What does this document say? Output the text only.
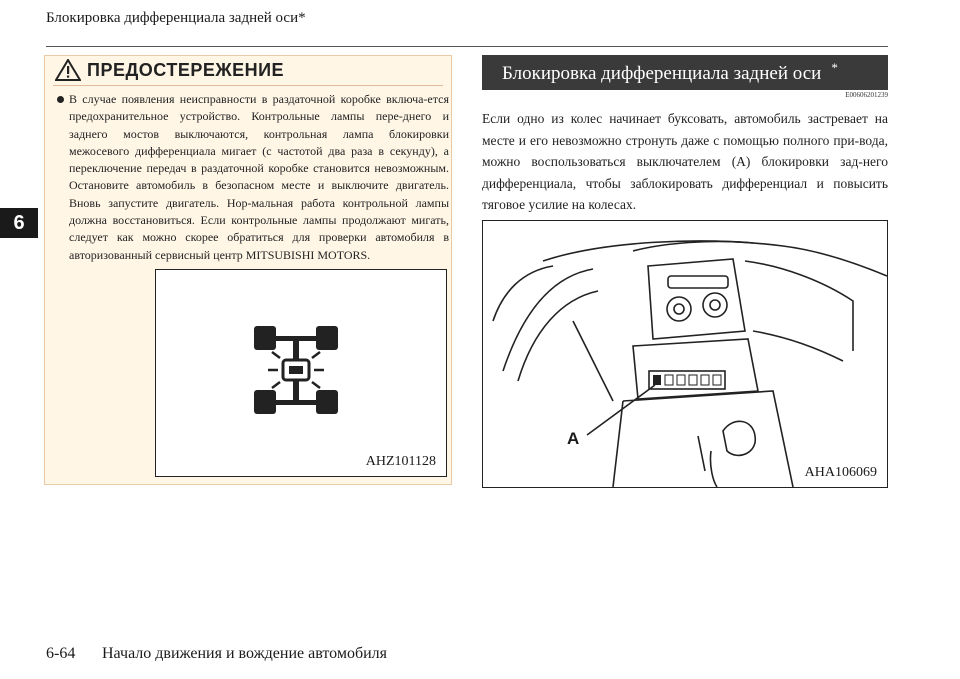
Блокировка дифференциала задней оси*
6
ПРЕДОСТЕРЕЖЕНИЕ
В случае появления неисправности в раздаточной коробке включа-ется предохранительное устройство. Контрольные лампы пере-днего и заднего мостов выключаются, контрольная лампа блокировки межосевого дифференциала мигает (с частотой два раза в секунду), а переключение передач в раздаточной коробке становится невозможным. Остановите автомобиль в безопасном месте и выключите двигатель. Вновь запустите двигатель. Нор-мальная работа контрольной лампы должна восстановиться. Если контрольные лампы продолжают мигать, следует как можно скорее обратиться для проверки автомобиля в авторизованный сервисный центр MITSUBISHI MOTORS.
AHZ101128
Блокировка дифференциала задней оси *
E00606201239
Если одно из колес начинает буксовать, автомобиль застревает на месте и его невозможно стронуть даже с помощью полного при-вода, можно воспользоваться выключателем (A) блокировки зад-него дифференциала, чтобы заблокировать дифференциал и повысить тяговое усилие на колесах.
A
AHA106069
6-64 Начало движения и вождение автомобиля
